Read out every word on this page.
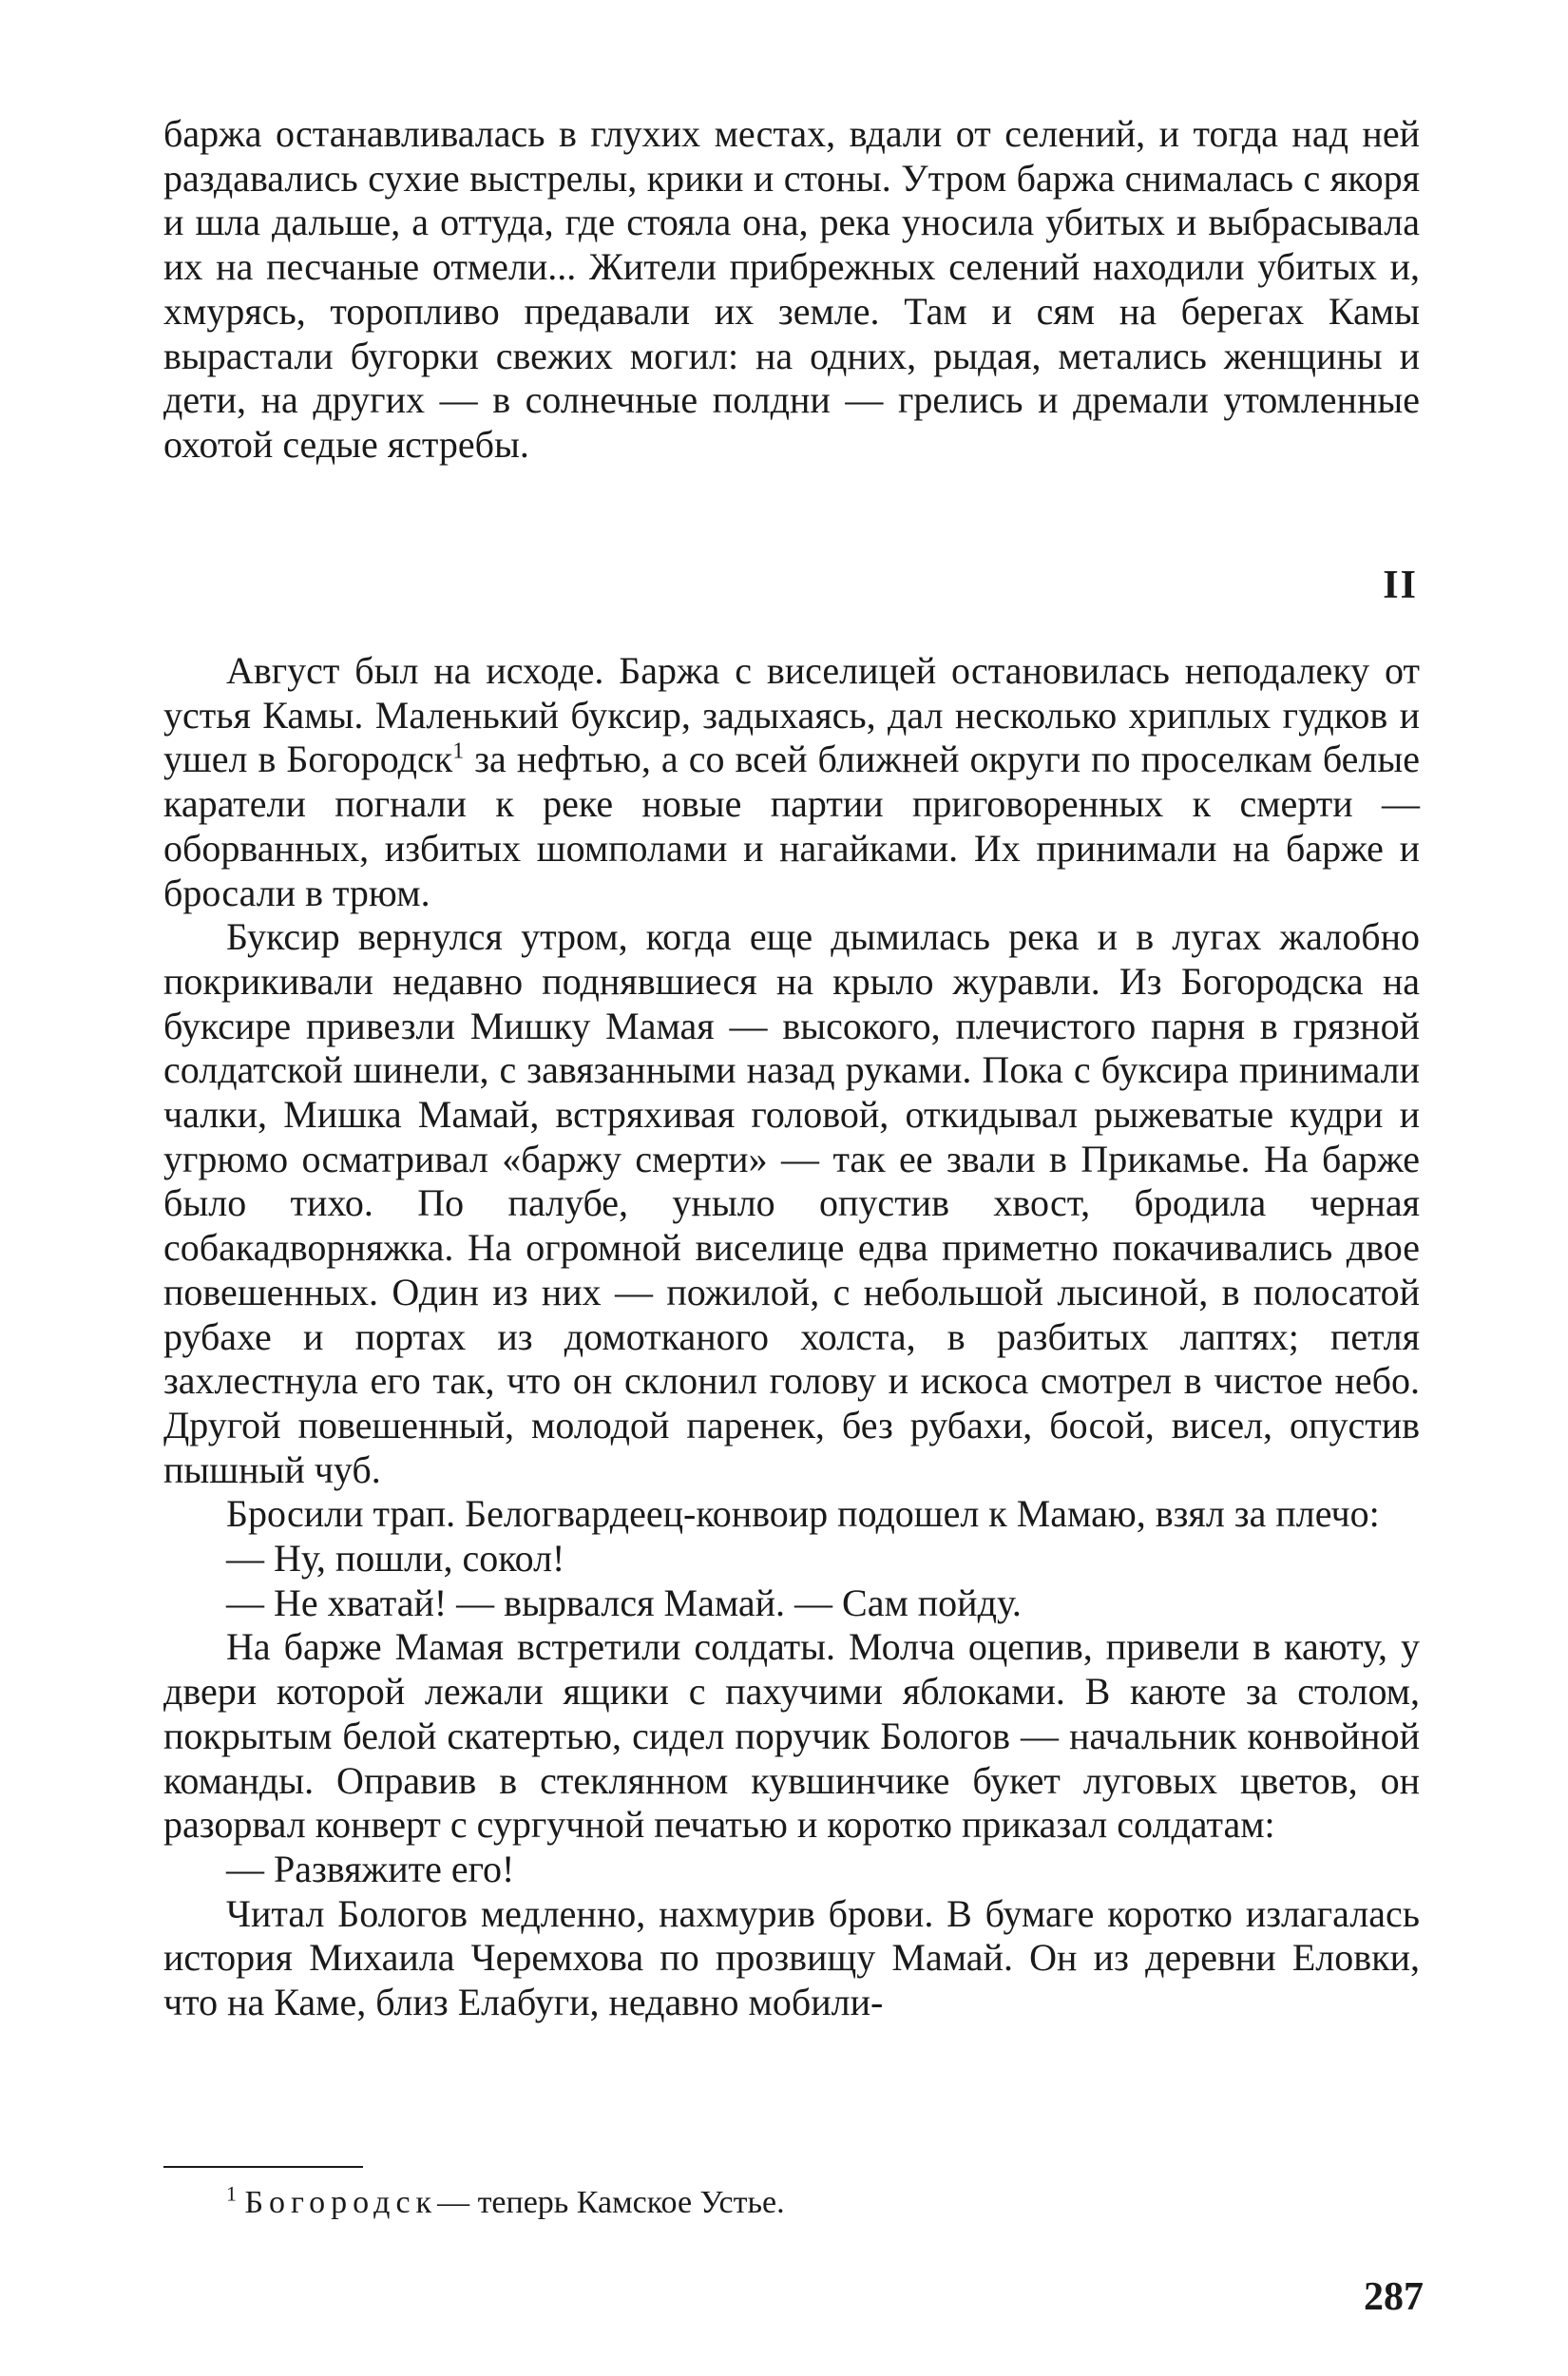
баржа останавливалась в глухих местах, вдали от селений, и тогда над ней раздавались сухие выстрелы, крики и стоны. Утром баржа снималась с якоря и шла дальше, а оттуда, где стояла она, река уносила убитых и выбрасывала их на песчаные отмели... Жители прибрежных селений находили убитых и, хмурясь, торопливо предавали их земле. Там и сям на берегах Камы вырастали бугорки свежих могил: на одних, рыдая, метались женщины и дети, на других — в солнечные полдни — грелись и дремали утомленные охотой седые ястребы.

II

Август был на исходе. Баржа с виселицей остановилась неподалеку от устья Камы. Маленький буксир, задыхаясь, дал несколько хриплых гудков и ушел в Богородск$^1$ за нефтью, а со всей ближней округи по проселкам белые каратели погнали к реке новые партии приговоренных к смерти — оборванных, избитых шомполами и нагайками. Их принимали на барже и бросали в трюм.

Буксир вернулся утром, когда еще дымилась река и в лугах жалобно покрикивали недавно поднявшиеся на крыло журавли. Из Богородска на буксире привезли Мишку Мамая — высокого, плечистого парня в грязной солдатской шинели, с завязанными назад руками. Пока с буксира принимали чалки, Мишка Мамай, встряхивая головой, откидывал рыжеватые кудри и угрюмо осматривал «баржу смерти» — так ее звали в Прикамье. На барже было тихо. По палубе, уныло опустив хвост, бродила черная собакадворняжка. На огромной виселице едва приметно покачивались двое повешенных. Один из них — пожилой, с небольшой лысиной, в полосатой рубахе и портах из домотканого холста, в разбитых лаптях; петля захлестнула его так, что он склонил голову и искоса смотрел в чистое небо. Другой повешенный, молодой паренек, без рубахи, босой, висел, опустив пышный чуб.

Бросили трап. Белогвардеец-конвоир подошел к Мамаю, взял за плечо:

— Ну, пошли, сокол!

— Не хватай! — вырвался Мамай. — Сам пойду.

На барже Мамая встретили солдаты. Молча оцепив, привели в каюту, у двери которой лежали ящики с пахучими яблоками. В каюте за столом, покрытым белой скатертью, сидел поручик Бологов — начальник конвойной команды. Оправив в стеклянном кувшинчике букет луговых цветов, он разорвал конверт с сургучной печатью и коротко приказал солдатам:

— Развяжите его!

Читал Бологов медленно, нахмурив брови. В бумаге коротко излагалась история Михаила Черемхова по прозвищу Мамай. Он из деревни Еловки, что на Каме, близ Елабуги, недавно мобили-

$^1$ Богородск— теперь Камское Устье.
287
